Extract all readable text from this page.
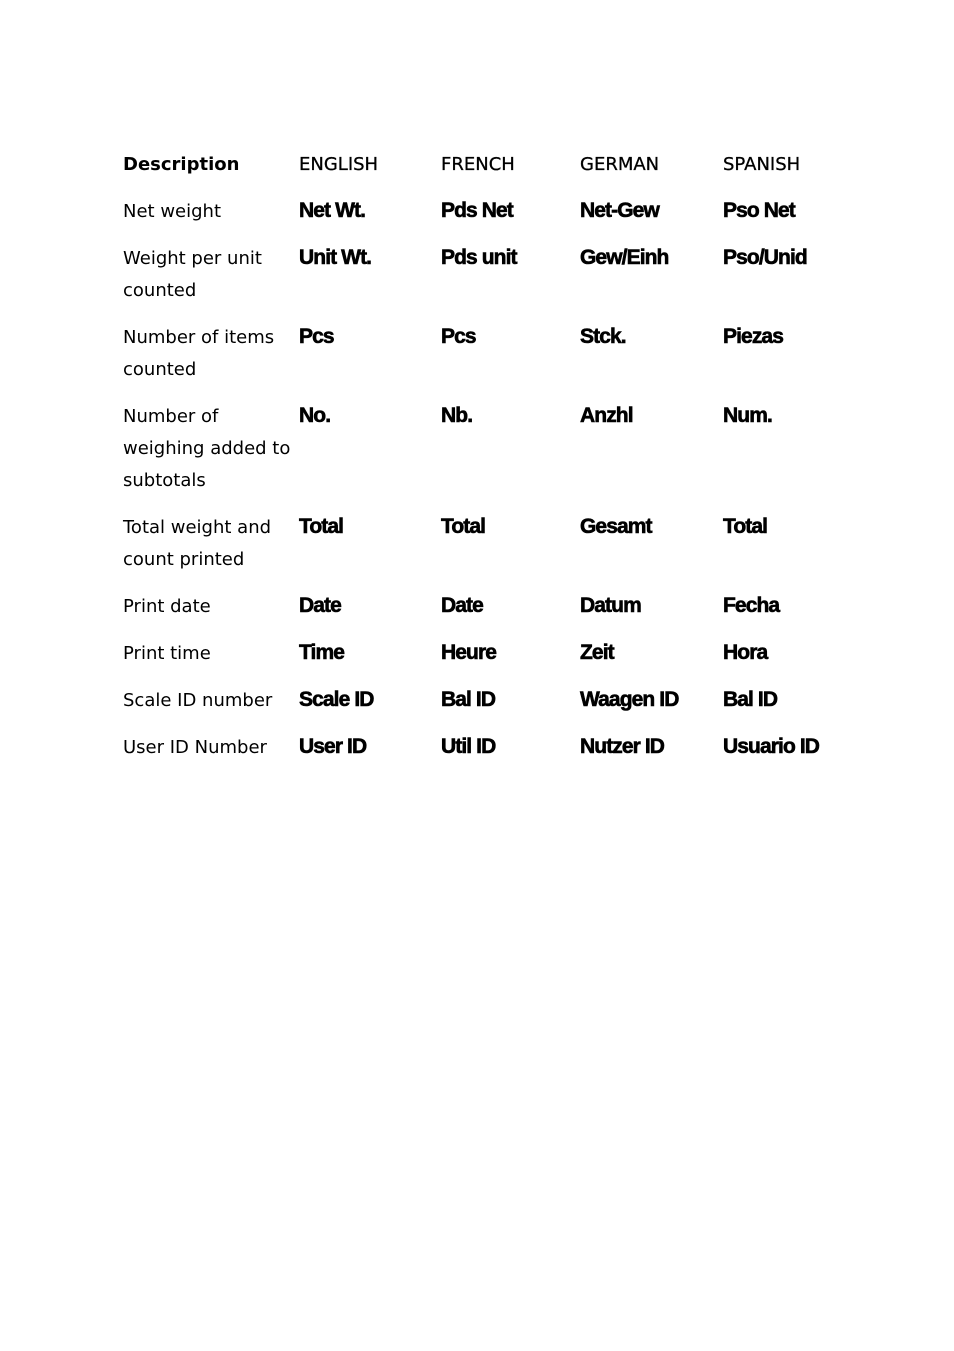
Description	ENGLISH	FRENCH	GERMAN	SPANISH
Net weight	Net Wt.	Pds Net	Net-Gew	Pso Net
Weight per unit counted	Unit Wt.	Pds unit	Gew/Einh	Pso/Unid
Number of items counted	Pcs	Pcs	Stck.	Piezas
Number of weighing added to subtotals	No.	Nb.	Anzhl	Num.
Total weight and count printed	Total	Total	Gesamt	Total
Print date	Date	Date	Datum	Fecha
Print time	Time	Heure	Zeit	Hora
Scale ID number	Scale ID	Bal ID	Waagen ID	Bal ID
User ID Number	User ID	Util ID	Nutzer ID	Usuario ID
